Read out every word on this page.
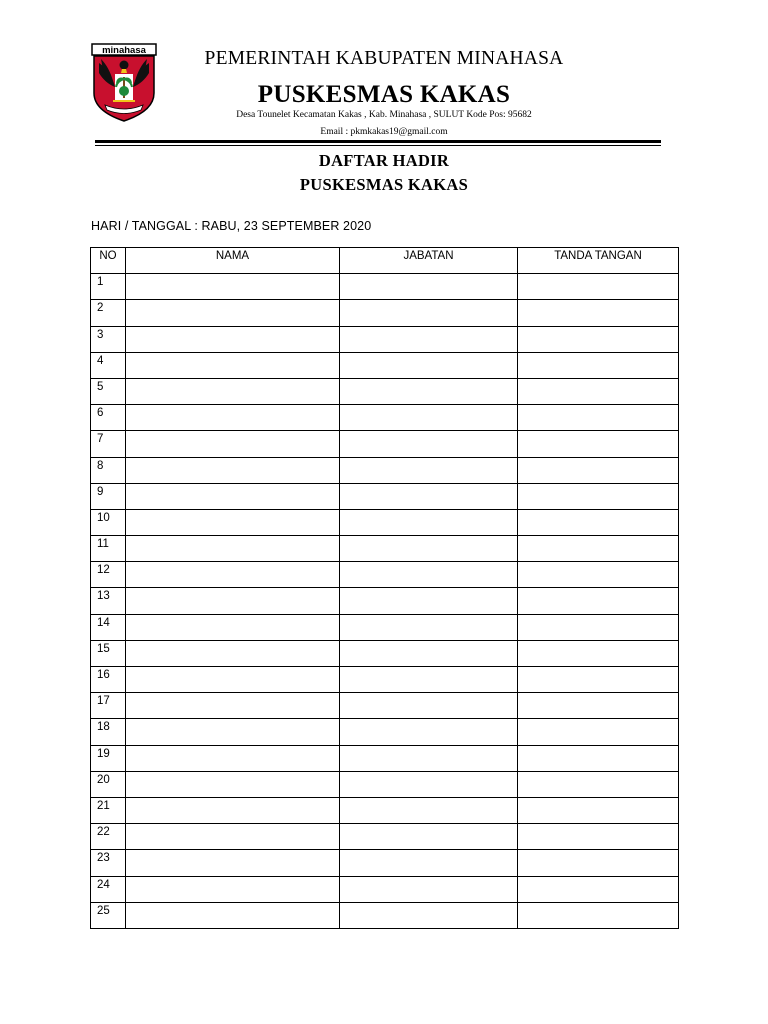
minahasa	PEMERINTAH KABUPATEN MINAHASA
PUSKESMAS KAKAS
Desa Tounelet Kecamatan Kakas , Kab. Minahasa , SULUT Kode Pos: 95682
Email : pkmkakas19@gmail.com
DAFTAR HADIR
PUSKESMAS KAKAS
HARI / TANGGAL : RABU, 23 SEPTEMBER 2020
NO	NAMA	JABATAN	TANDA TANGAN
1			
2			
3			
4			
5			
6			
7			
8			
9			
10			
11			
12			
13			
14			
15			
16			
17			
18			
19			
20			
21			
22			
23			
24			
25			
